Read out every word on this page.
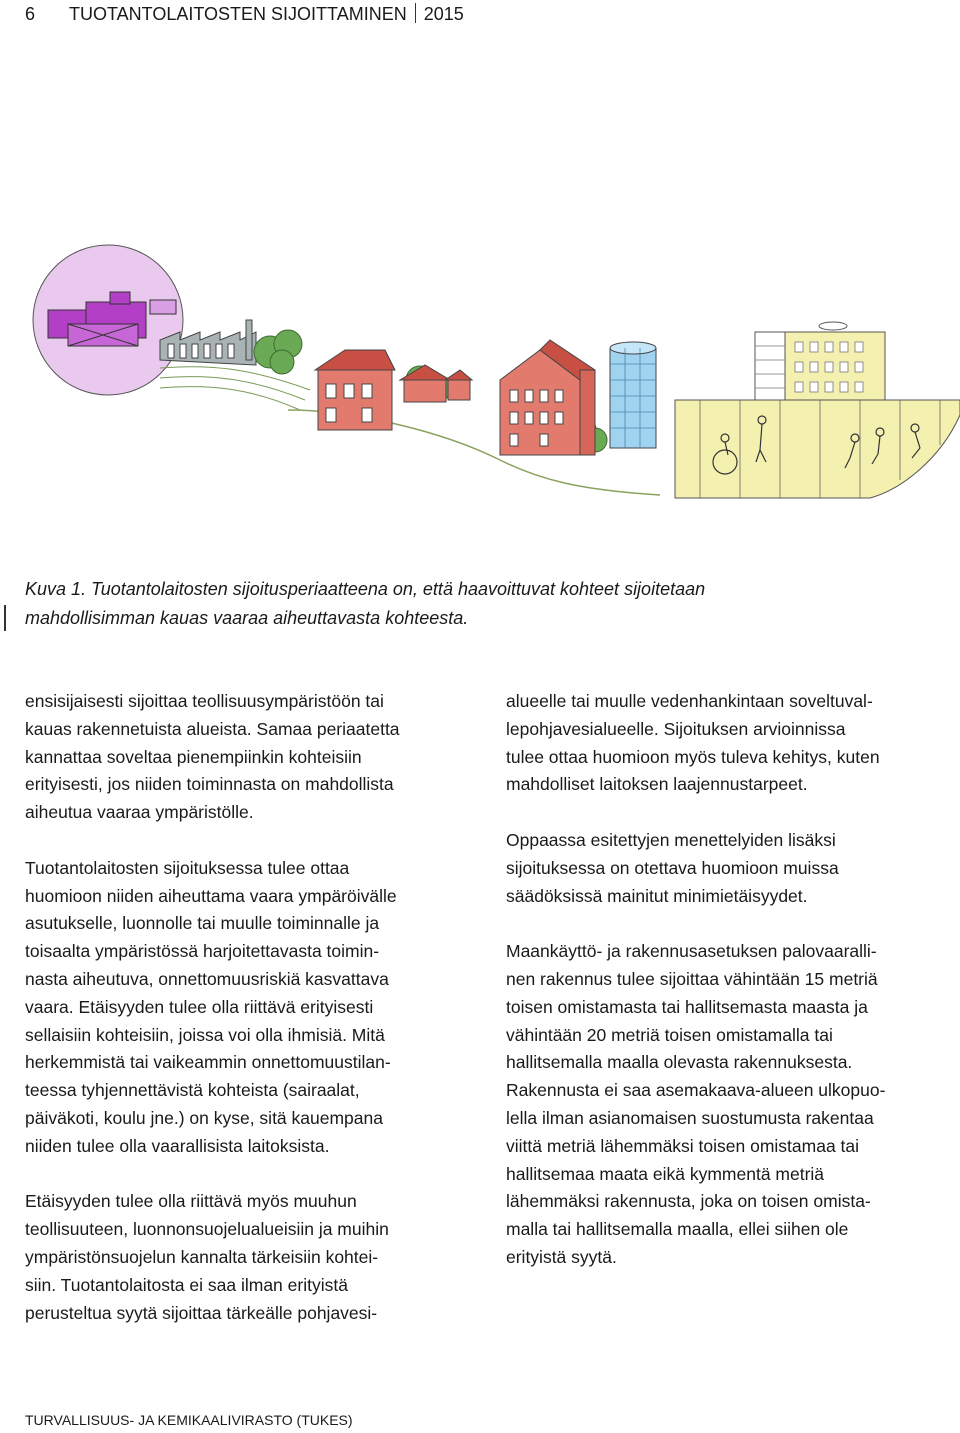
6 TUOTANTOLAITOSTEN SIJOITTAMINEN 2015

Kuva 1. Tuotantolaitosten sijoitusperiaatteena on, että haavoittuvat kohteet sijoitetaan

mahdollisimman kauas vaaraa aiheuttavasta kohteesta.

ensisijaisesti sijoittaa teollisuusympäristöön tai
kauas rakennetuista alueista. Samaa periaatetta
kannattaa soveltaa pienempiinkin kohteisiin
erityisesti, jos niiden toiminnasta on mahdollista
aiheutua vaaraa ympäristölle.

Tuotantolaitosten sijoituksessa tulee ottaa
huomioon niiden aiheuttama vaara ympäröivälle
asutukselle, luonnolle tai muulle toiminnalle ja
toisaalta ympäristössä harjoitettavasta toimin-
nasta aiheutuva, onnettomuusriskiä kasvattava
vaara. Etäisyyden tulee olla riittävä erityisesti
sellaisiin kohteisiin, joissa voi olla ihmisiä. Mitä
herkemmistä tai vaikeammin onnettomuustilan-
teessa tyhjennettävistä kohteista (sairaalat,
päiväkoti, koulu jne.) on kyse, sitä kauempana
niiden tulee olla vaarallisista laitoksista.

Etäisyyden tulee olla riittävä myös muuhun
teollisuuteen, luonnonsuojelualueisiin ja muihin
ympäristönsuojelun kannalta tärkeisiin kohtei-
siin. Tuotantolaitosta ei saa ilman erityistä
perusteltua syytä sijoittaa tärkeälle pohjavesi-

alueelle tai muulle vedenhankintaan soveltuval-
lepohjavesialueelle. Sijoituksen arvioinnissa
tulee ottaa huomioon myös tuleva kehitys, kuten
mahdolliset laitoksen laajennustarpeet.

Oppaassa esitettyjen menettelyiden lisäksi
sijoituksessa on otettava huomioon muissa
säädöksissä mainitut minimietäisyydet.

Maankäyttö- ja rakennusasetuksen palovaaralli-
nen rakennus tulee sijoittaa vähintään 15 metriä
toisen omistamasta tai hallitsemasta maasta ja
vähintään 20 metriä toisen omistamalla tai
hallitsemalla maalla olevasta rakennuksesta.
Rakennusta ei saa asemakaava-alueen ulkopuo-
lella ilman asianomaisen suostumusta rakentaa
viittä metriä lähemmäksi toisen omistamaa tai
hallitsemaa maata eikä kymmentä metriä
lähemmäksi rakennusta, joka on toisen omista-
malla tai hallitsemalla maalla, ellei siihen ole
erityistä syytä.

TURVALLISUUS- JA KEMIKAALIVIRASTO (TUKES)
